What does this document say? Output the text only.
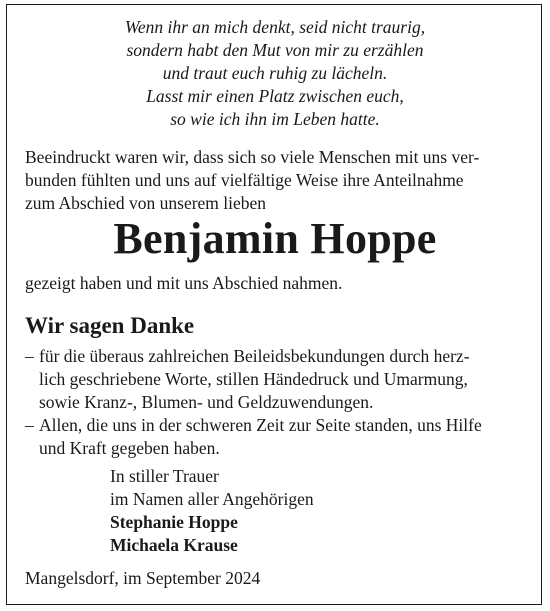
Wenn ihr an mich denkt, seid nicht traurig,
sondern habt den Mut von mir zu erzählen
und traut euch ruhig zu lächeln.
Lasst mir einen Platz zwischen euch,
so wie ich ihn im Leben hatte.
Beeindruckt waren wir, dass sich so viele Menschen mit uns ver-
bunden fühlten und uns auf vielfältige Weise ihre Anteilnahme
zum Abschied von unserem lieben
Benjamin Hoppe
gezeigt haben und mit uns Abschied nahmen.
Wir sagen Danke
– für die überaus zahlreichen Beileidsbekundungen durch herz-
lich geschriebene Worte, stillen Händedruck und Umarmung,
sowie Kranz-, Blumen- und Geldzuwendungen.
– Allen, die uns in der schweren Zeit zur Seite standen, uns Hilfe
und Kraft gegeben haben.
In stiller Trauer
im Namen aller Angehörigen
Stephanie Hoppe
Michaela Krause
Mangelsdorf, im September 2024
